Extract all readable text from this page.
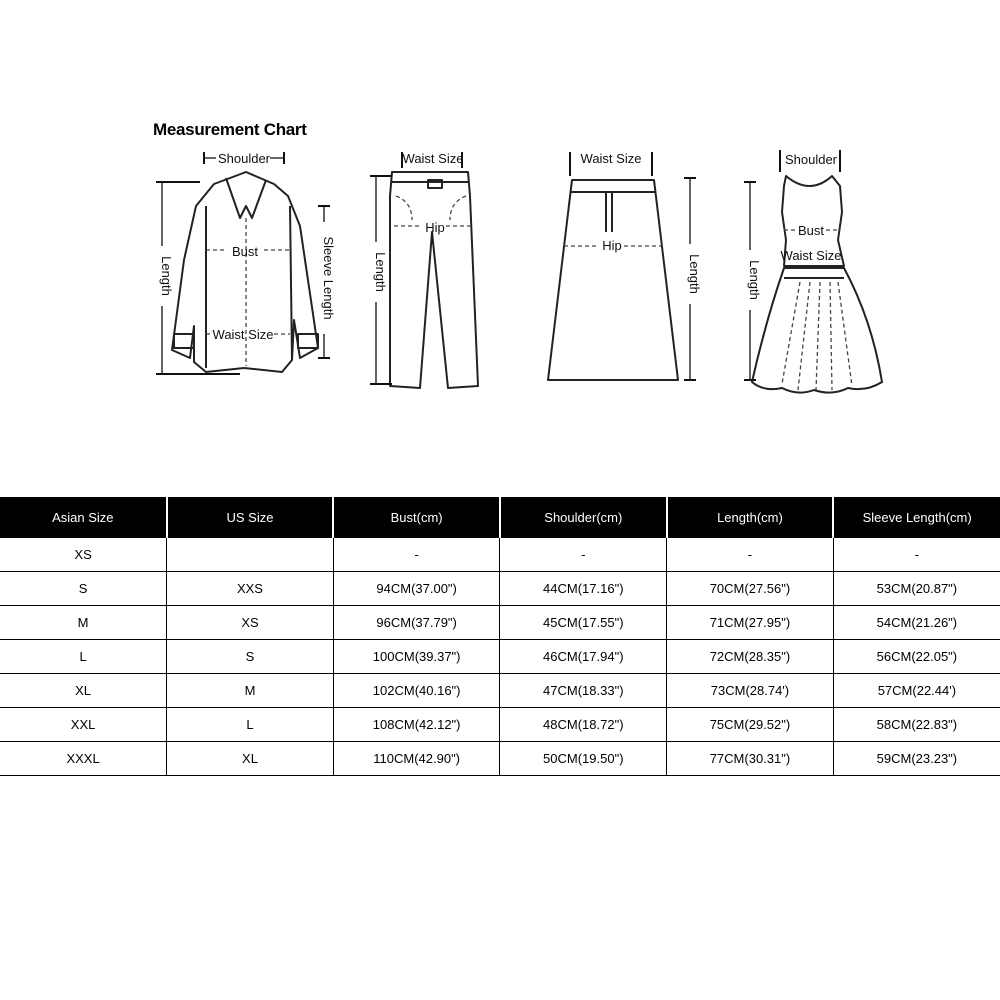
Measurement Chart
Shoulder
Bust
Waist Size
Length	Sleeve Length
Waist Size
Hip
Length
Waist Size
Hip
Length
Shoulder
Bust
Waist Size
Length
Asian Size	US Size	Bust(cm)	Shoulder(cm)	Length(cm)	Sleeve Length(cm)
XS		-	-	-	-
S	XXS	94CM(37.00")	44CM(17.16")	70CM(27.56")	53CM(20.87")
M	XS	96CM(37.79")	45CM(17.55")	71CM(27.95")	54CM(21.26")
L	S	100CM(39.37")	46CM(17.94")	72CM(28.35")	56CM(22.05")
XL	M	102CM(40.16")	47CM(18.33")	73CM(28.74')	57CM(22.44')
XXL	L	108CM(42.12")	48CM(18.72")	75CM(29.52")	58CM(22.83")
XXXL	XL	110CM(42.90")	50CM(19.50")	77CM(30.31")	59CM(23.23")
